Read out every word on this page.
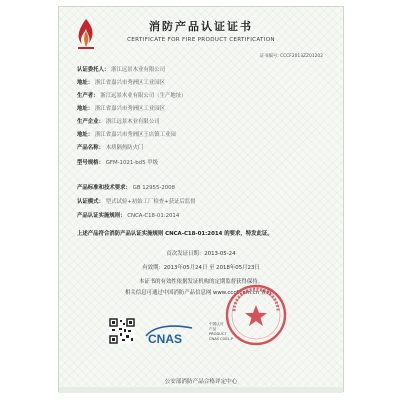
消防产品认证证书
CERTIFICATE FOR FIRE PRODUCT CERTIFICATION
证书编号: CCCF2013ZZ01202
认证委托人： 浙江远景木业有限公司
地址： 浙江省嘉兴市秀洲区工业园区
生产者： 浙江远景木业有限公司（生产地址）
地址： 浙江省嘉兴市秀洲区工业园区
生产企业： 浙江远景木业有限公司
地址： 浙江省嘉兴市秀洲区王店镇工业园
产品名称： 木质隔热防火门
型号规格： GFM-1021-bd5 甲级
产品标准和技术要求： GB 12955-2008
认证模式： 型式试验+初始工厂检查+获证后监督
产品认证实施规则： CNCA-C18-01:2014
上述产品符合消防产品认证实施规则 CNCA-C18-01:2014 的要求，特发此证。
首次发证日期：2013-05-24
有效期：2013年05月24日 至 2018年05月23日
本证书的有效性依据发证机构的定期监督获得保持。
相关信息可通过中国消防产品信息网 www.cccf.com.cn 查询。
CNAS
中国认可
产品
PRODUCT
CNAS C001-P
公安部消防产品合格评定中心
